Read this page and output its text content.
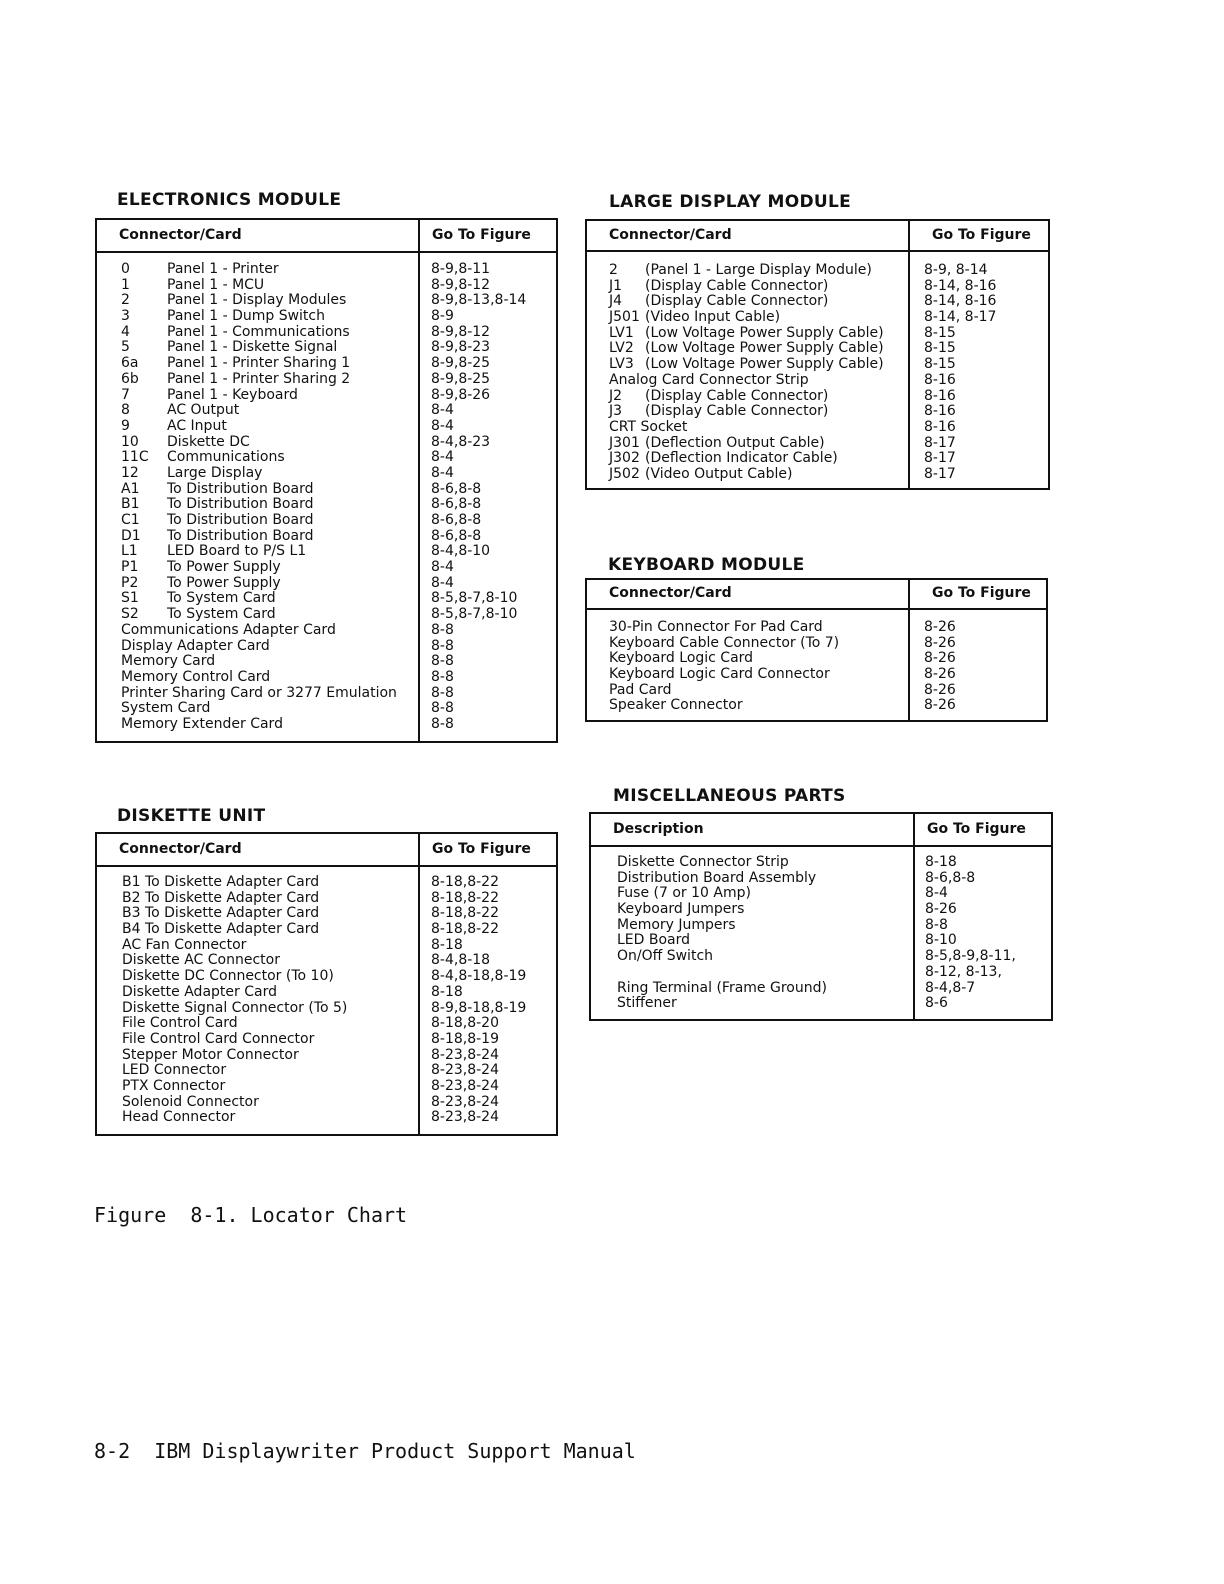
ELECTRONICS MODULE
Connector/Card	Go To Figure
0	Panel 1 - Printer	8-9,8-11
1	Panel 1 - MCU	8-9,8-12
2	Panel 1 - Display Modules	8-9,8-13,8-14
3	Panel 1 - Dump Switch	8-9
4	Panel 1 - Communications	8-9,8-12
5	Panel 1 - Diskette Signal	8-9,8-23
6a	Panel 1 - Printer Sharing 1	8-9,8-25
6b	Panel 1 - Printer Sharing 2	8-9,8-25
7	Panel 1 - Keyboard	8-9,8-26
8	AC Output	8-4
9	AC Input	8-4
10	Diskette DC	8-4,8-23
11C	Communications	8-4
12	Large Display	8-4
A1	To Distribution Board	8-6,8-8
B1	To Distribution Board	8-6,8-8
C1	To Distribution Board	8-6,8-8
D1	To Distribution Board	8-6,8-8
L1	LED Board to P/S L1	8-4,8-10
P1	To Power Supply	8-4
P2	To Power Supply	8-4
S1	To System Card	8-5,8-7,8-10
S2	To System Card	8-5,8-7,8-10
Communications Adapter Card	8-8
Display Adapter Card	8-8
Memory Card	8-8
Memory Control Card	8-8
Printer Sharing Card or 3277 Emulation	8-8
System Card	8-8
Memory Extender Card	8-8
LARGE DISPLAY MODULE
Connector/Card	Go To Figure
2	(Panel 1 - Large Display Module)	8-9, 8-14
J1	(Display Cable Connector)	8-14, 8-16
J4	(Display Cable Connector)	8-14, 8-16
J501 (Video Input Cable)	8-14, 8-17
LV1 (Low Voltage Power Supply Cable)	8-15
LV2 (Low Voltage Power Supply Cable)	8-15
LV3 (Low Voltage Power Supply Cable)	8-15
Analog Card Connector Strip	8-16
J2	(Display Cable Connector)	8-16
J3	(Display Cable Connector)	8-16
CRT Socket	8-16
J301 (Deflection Output Cable)	8-17
J302 (Deflection Indicator Cable)	8-17
J502 (Video Output Cable)	8-17
KEYBOARD MODULE
Connector/Card	Go To Figure
30-Pin Connector For Pad Card	8-26
Keyboard Cable Connector (To 7)	8-26
Keyboard Logic Card	8-26
Keyboard Logic Card Connector	8-26
Pad Card	8-26
Speaker Connector	8-26
DISKETTE UNIT
Connector/Card	Go To Figure
B1 To Diskette Adapter Card	8-18,8-22
B2 To Diskette Adapter Card	8-18,8-22
B3 To Diskette Adapter Card	8-18,8-22
B4 To Diskette Adapter Card	8-18,8-22
AC Fan Connector	8-18
Diskette AC Connector	8-4,8-18
Diskette DC Connector (To 10)	8-4,8-18,8-19
Diskette Adapter Card	8-18
Diskette Signal Connector (To 5)	8-9,8-18,8-19
File Control Card	8-18,8-20
File Control Card Connector	8-18,8-19
Stepper Motor Connector	8-23,8-24
LED Connector	8-23,8-24
PTX Connector	8-23,8-24
Solenoid Connector	8-23,8-24
Head Connector	8-23,8-24
MISCELLANEOUS PARTS
Description	Go To Figure
Diskette Connector Strip	8-18
Distribution Board Assembly	8-6,8-8
Fuse (7 or 10 Amp)	8-4
Keyboard Jumpers	8-26
Memory Jumpers	8-8
LED Board	8-10
On/Off Switch	8-5,8-9,8-11,
8-12, 8-13,
Ring Terminal (Frame Ground)	8-4,8-7
Stiffener	8-6

Figure  8-1. Locator Chart

8-2  IBM Displaywriter Product Support Manual
